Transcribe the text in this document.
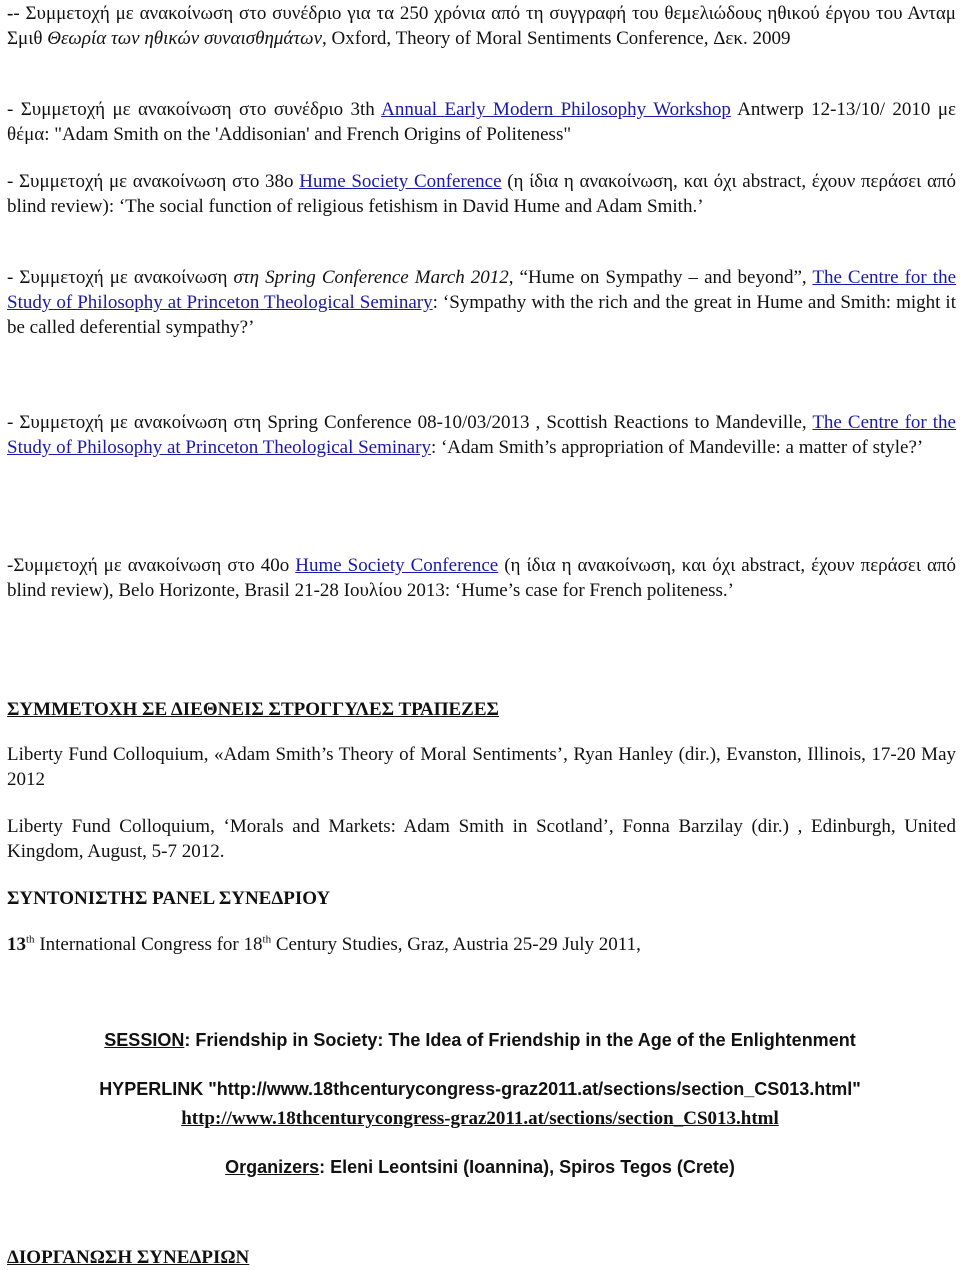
-- Συμμετοχή με ανακοίνωση στο συνέδριο για τα 250 χρόνια από τη συγγραφή του θεμελιώδους ηθικού έργου του Ανταμ Σμιθ Θεωρία των ηθικών συναισθημάτων, Oxford, Theory of Moral Sentiments Conference, Δεκ. 2009
- Συμμετοχή με ανακοίνωση στο συνέδριο 3th Annual Early Modern Philosophy Workshop Antwerp 12-13/10/ 2010 με θέμα: "Adam Smith on the 'Addisonian' and French Origins of Politeness"
- Συμμετοχή με ανακοίνωση στο 38ο Hume Society Conference (η ίδια η ανακοίνωση, και όχι abstract, έχουν περάσει από blind review): ‘The social function of religious fetishism in David Hume and Adam Smith.’
- Συμμετοχή με ανακοίνωση στη Spring Conference March 2012, “Hume on Sympathy – and beyond”, The Centre for the Study of Philosophy at Princeton Theological Seminary: ‘Sympathy with the rich and the great in Hume and Smith: might it be called deferential sympathy?’
- Συμμετοχή με ανακοίνωση στη Spring Conference 08-10/03/2013 , Scottish Reactions to Mandeville, The Centre for the Study of Philosophy at Princeton Theological Seminary: ‘Adam Smith’s appropriation of Mandeville: a matter of style?’
-Συμμετοχή με ανακοίνωση στο 40ο Hume Society Conference (η ίδια η ανακοίνωση, και όχι abstract, έχουν περάσει από blind review), Belo Horizonte, Brasil 21-28 Ιουλίου 2013: ‘Hume’s case for French politeness.’
ΣΥΜΜΕΤΟΧΗ ΣΕ ΔΙΕΘΝΕΙΣ ΣΤΡΟΓΓΥΛΕΣ ΤΡΑΠΕΖΕΣ
Liberty Fund Colloquium, «Adam Smith’s Theory of Moral Sentiments’, Ryan Hanley (dir.), Evanston, Illinois, 17-20 May 2012
Liberty Fund Colloquium, ‘Morals and Markets: Adam Smith in Scotland’, Fonna Barzilay (dir.) , Edinburgh, United Kingdom, August, 5-7 2012.
ΣΥΝΤΟΝΙΣΤΗΣ PANEL ΣΥΝΕΔΡΙΟΥ
13th International Congress for 18th Century Studies, Graz, Austria 25-29 July 2011,
SESSION: Friendship in Society: The Idea of Friendship in the Age of the Enlightenment
HYPERLINK "http://www.18thcenturycongress-graz2011.at/sections/section_CS013.html"
http://www.18thcenturycongress-graz2011.at/sections/section_CS013.html
Organizers: Eleni Leontsini (Ioannina), Spiros Tegos (Crete)
ΔΙΟΡΓΑΝΩΣΗ ΣΥΝΕΔΡΙΩΝ
